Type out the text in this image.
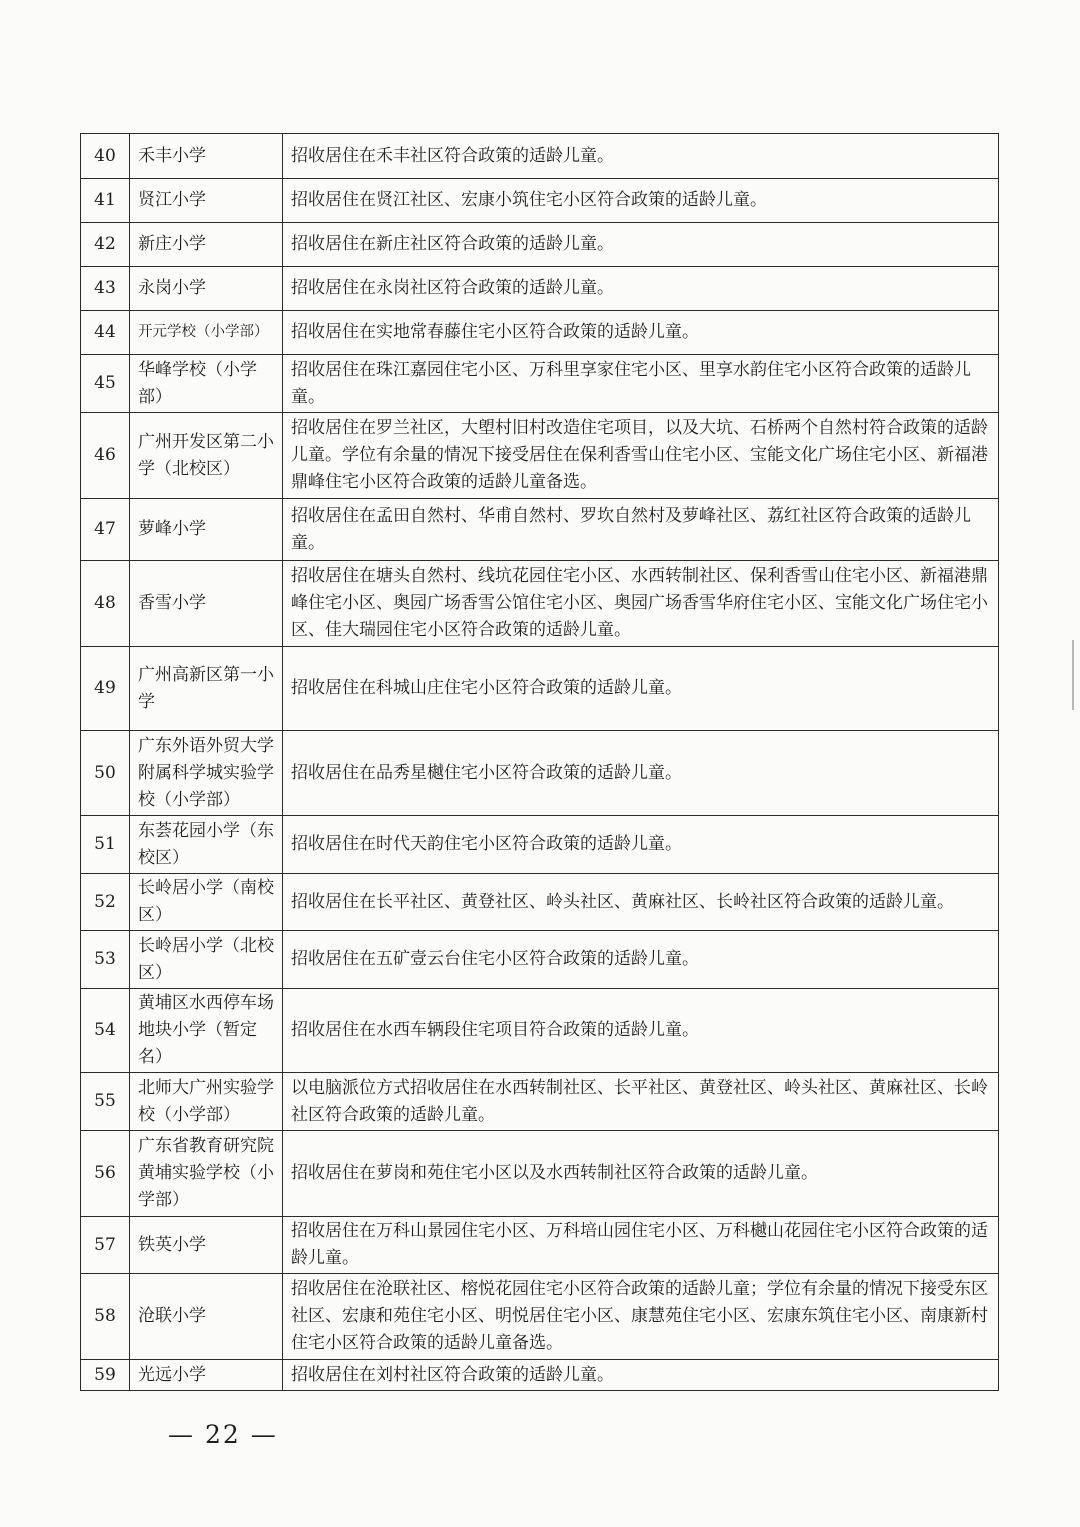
40	禾丰小学	招收居住在禾丰社区符合政策的适龄儿童。
41	贤江小学	招收居住在贤江社区、宏康小筑住宅小区符合政策的适龄儿童。
42	新庄小学	招收居住在新庄社区符合政策的适龄儿童。
43	永岗小学	招收居住在永岗社区符合政策的适龄儿童。
44	开元学校（小学部）	招收居住在实地常春藤住宅小区符合政策的适龄儿童。
45	华峰学校（小学部）	招收居住在珠江嘉园住宅小区、万科里享家住宅小区、里享水韵住宅小区符合政策的适龄儿童。
46	广州开发区第二小学（北校区）	招收居住在罗兰社区，大塱村旧村改造住宅项目，以及大坑、石桥两个自然村符合政策的适龄儿童。学位有余量的情况下接受居住在保利香雪山住宅小区、宝能文化广场住宅小区、新福港鼎峰住宅小区符合政策的适龄儿童备选。
47	萝峰小学	招收居住在孟田自然村、华甫自然村、罗坎自然村及萝峰社区、荔红社区符合政策的适龄儿童。
48	香雪小学	招收居住在塘头自然村、线坑花园住宅小区、水西转制社区、保利香雪山住宅小区、新福港鼎峰住宅小区、奥园广场香雪公馆住宅小区、奥园广场香雪华府住宅小区、宝能文化广场住宅小区、佳大瑞园住宅小区符合政策的适龄儿童。
49	广州高新区第一小学	招收居住在科城山庄住宅小区符合政策的适龄儿童。
50	广东外语外贸大学附属科学城实验学校（小学部）	招收居住在品秀星樾住宅小区符合政策的适龄儿童。
51	东荟花园小学（东校区）	招收居住在时代天韵住宅小区符合政策的适龄儿童。
52	长岭居小学（南校区）	招收居住在长平社区、黄登社区、岭头社区、黄麻社区、长岭社区符合政策的适龄儿童。
53	长岭居小学（北校区）	招收居住在五矿壹云台住宅小区符合政策的适龄儿童。
54	黄埔区水西停车场地块小学（暂定名）	招收居住在水西车辆段住宅项目符合政策的适龄儿童。
55	北师大广州实验学校（小学部）	以电脑派位方式招收居住在水西转制社区、长平社区、黄登社区、岭头社区、黄麻社区、长岭社区符合政策的适龄儿童。
56	广东省教育研究院黄埔实验学校（小学部）	招收居住在萝岗和苑住宅小区以及水西转制社区符合政策的适龄儿童。
57	铁英小学	招收居住在万科山景园住宅小区、万科培山园住宅小区、万科樾山花园住宅小区符合政策的适龄儿童。
58	沧联小学	招收居住在沧联社区、榕悦花园住宅小区符合政策的适龄儿童；学位有余量的情况下接受东区社区、宏康和苑住宅小区、明悦居住宅小区、康慧苑住宅小区、宏康东筑住宅小区、南康新村住宅小区符合政策的适龄儿童备选。
59	光远小学	招收居住在刘村社区符合政策的适龄儿童。
— 22 —
